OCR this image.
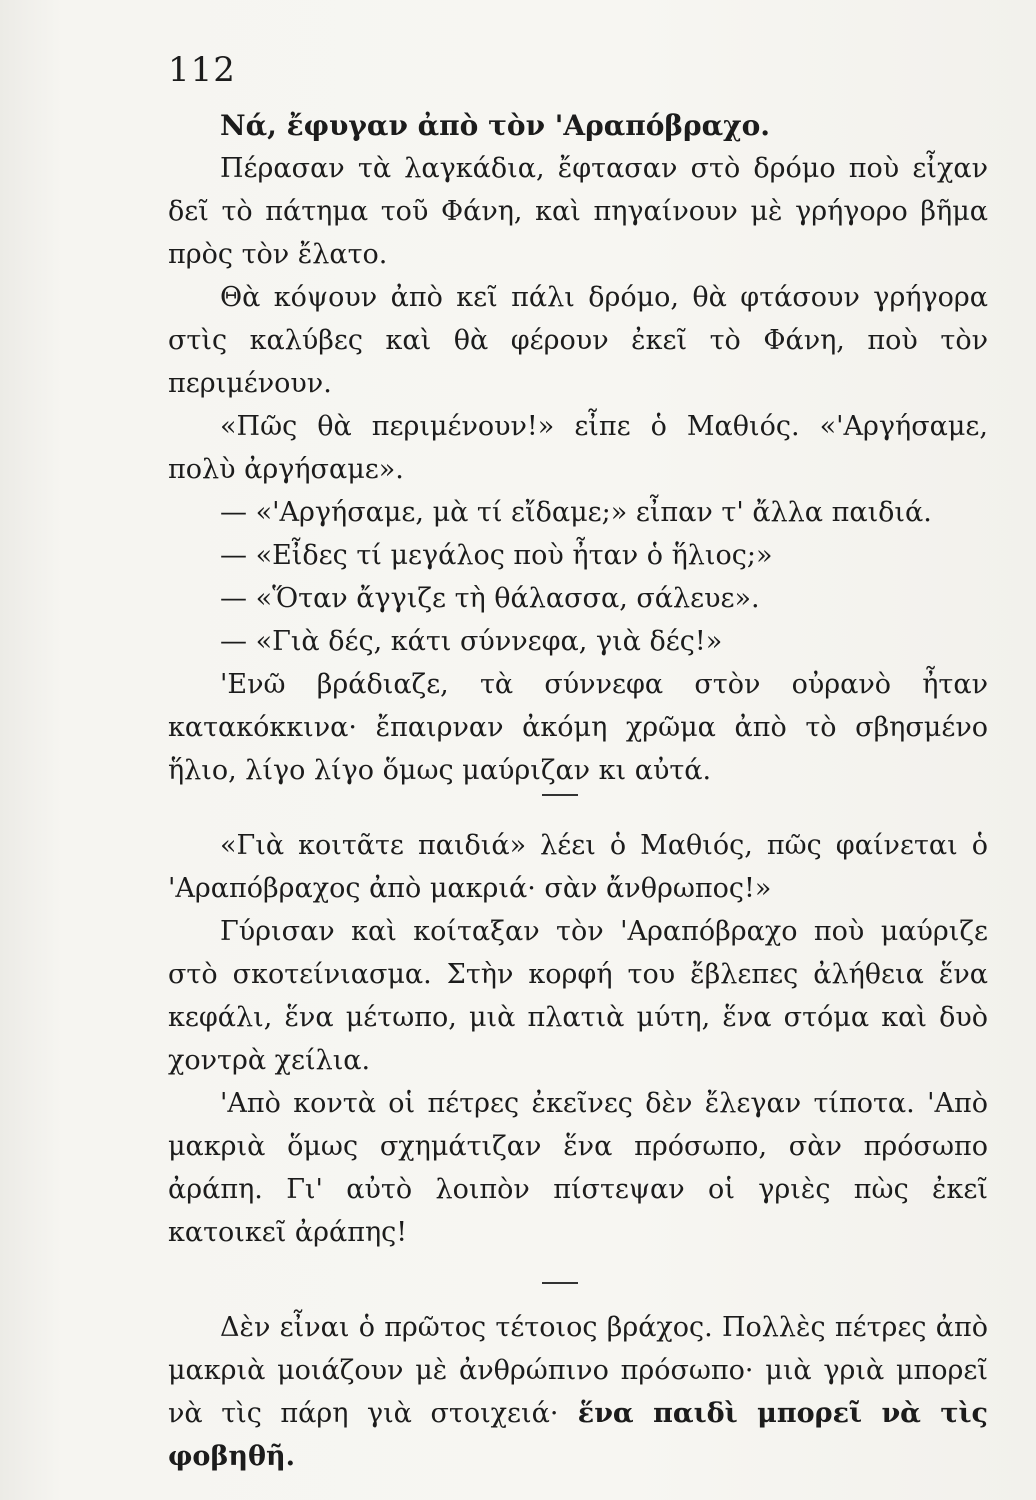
112

Νά, ἔφυγαν ἀπὸ τὸν 'Αραπόβραχο.

Πέρασαν τὰ λαγκάδια, ἔφτασαν στὸ δρόμο ποὺ εἶχαν δεῖ τὸ πάτημα τοῦ Φάνη, καὶ πηγαίνουν μὲ γρήγορο βῆμα πρὸς τὸν ἔλατο.

Θὰ κόψουν ἀπὸ κεῖ πάλι δρόμο, θὰ φτάσουν γρήγορα στὶς καλύβες καὶ θὰ φέρουν ἐκεῖ τὸ Φάνη, ποὺ τὸν περιμένουν.

«Πῶς θὰ περιμένουν!» εἶπε ὁ Μαθιός. «'Αργήσαμε, πολὺ ἀργήσαμε».

— «'Αργήσαμε, μὰ τί εἴδαμε;» εἶπαν τ' ἄλλα παιδιά.

— «Εἶδες τί μεγάλος ποὺ ἦταν ὁ ἥλιος;»

— «Ὅταν ἄγγιζε τὴ θάλασσα, σάλευε».

— «Γιὰ δές, κάτι σύννεφα, γιὰ δές!»

'Ενῶ βράδιαζε, τὰ σύννεφα στὸν οὐρανὸ ἦταν κατακόκκινα· ἔπαιρναν ἀκόμη χρῶμα ἀπὸ τὸ σβησμένο ἥλιο, λίγο λίγο ὅμως μαύριζαν κι αὐτά.

«Γιὰ κοιτᾶτε παιδιά» λέει ὁ Μαθιός, πῶς φαίνεται ὁ 'Αραπόβραχος ἀπὸ μακριά· σὰν ἄνθρωπος!»

Γύρισαν καὶ κοίταξαν τὸν 'Αραπόβραχο ποὺ μαύριζε στὸ σκοτείνιασμα. Στὴν κορφή του ἔβλεπες ἀλήθεια ἕνα κεφάλι, ἕνα μέτωπο, μιὰ πλατιὰ μύτη, ἕνα στόμα καὶ δυὸ χοντρὰ χείλια.

'Απὸ κοντὰ οἱ πέτρες ἐκεῖνες δὲν ἔλεγαν τίποτα. 'Απὸ μακριὰ ὅμως σχημάτιζαν ἕνα πρόσωπο, σὰν πρόσωπο ἀράπη. Γι' αὐτὸ λοιπὸν πίστεψαν οἱ γριὲς πὼς ἐκεῖ κατοικεῖ ἀράπης!

Δὲν εἶναι ὁ πρῶτος τέτοιος βράχος. Πολλὲς πέτρες ἀπὸ μακριὰ μοιάζουν μὲ ἀνθρώπινο πρόσωπο· μιὰ γριὰ μπορεῖ νὰ τὶς πάρη γιὰ στοιχειά· ἕνα παιδὶ μπορεῖ νὰ τὶς φοβηθῆ.
